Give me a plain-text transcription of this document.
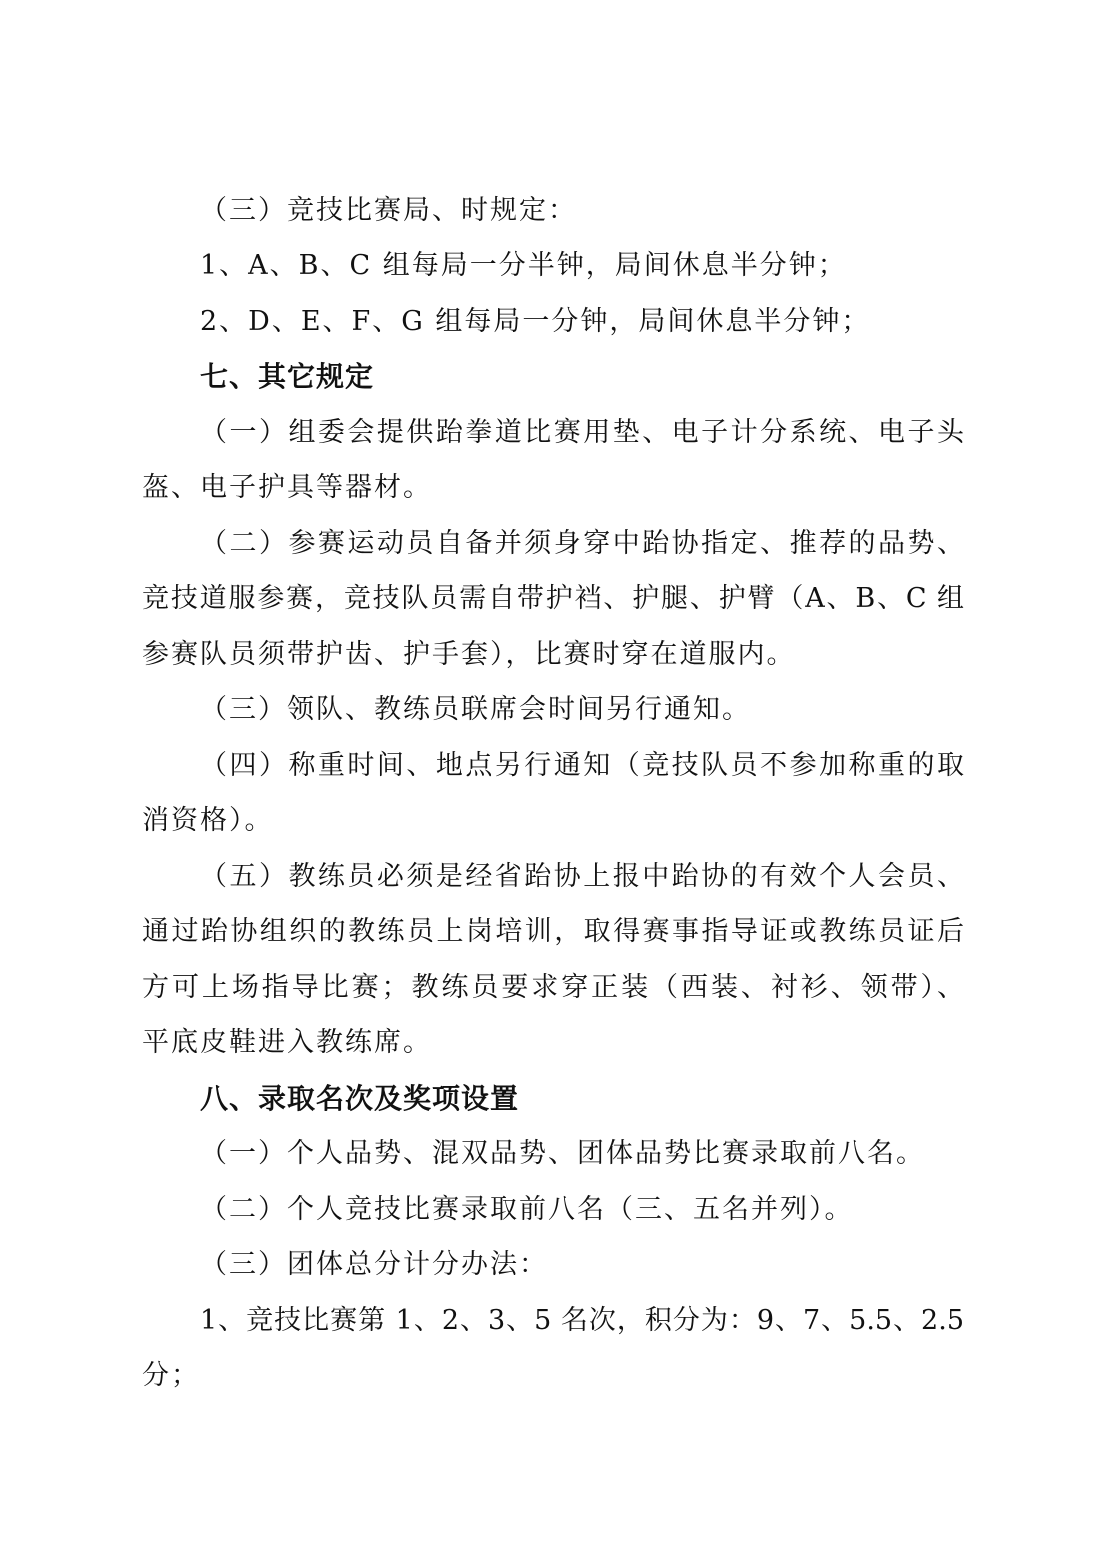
（三）竞技比赛局、时规定：
1、A、B、C 组每局一分半钟，局间休息半分钟；
2、D、E、F、G 组每局一分钟，局间休息半分钟；
七、其它规定
（一）组委会提供跆拳道比赛用垫、电子计分系统、电子头
盔、电子护具等器材。
（二）参赛运动员自备并须身穿中跆协指定、推荐的品势、
竞技道服参赛，竞技队员需自带护裆、护腿、护臂（A、B、C 组
参赛队员须带护齿、护手套），比赛时穿在道服内。
（三）领队、教练员联席会时间另行通知。
（四）称重时间、地点另行通知（竞技队员不参加称重的取
消资格）。
（五）教练员必须是经省跆协上报中跆协的有效个人会员、
通过跆协组织的教练员上岗培训，取得赛事指导证或教练员证后
方可上场指导比赛；教练员要求穿正装（西装、衬衫、领带）、
平底皮鞋进入教练席。
八、录取名次及奖项设置
（一）个人品势、混双品势、团体品势比赛录取前八名。
（二）个人竞技比赛录取前八名（三、五名并列）。
（三）团体总分计分办法：
1、竞技比赛第 1、2、3、5 名次，积分为：9、7、5.5、2.5
分；
